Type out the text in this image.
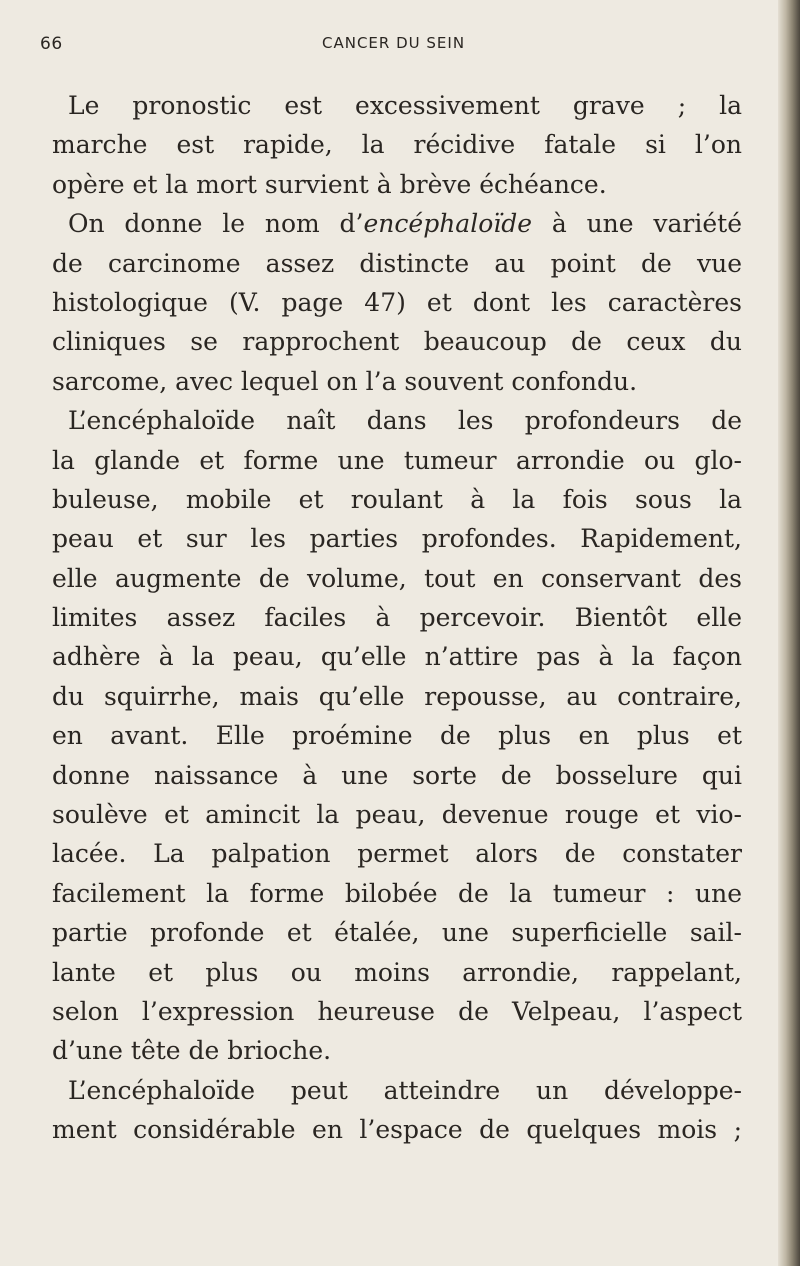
66	CANCER DU SEIN
Le pronostic est excessivement grave ; la
marche est rapide, la récidive fatale si l’on
opère et la mort survient à brève échéance.
On donne le nom d’encéphaloïde à une variété
de carcinome assez distincte au point de vue
histologique (V. page 47) et dont les caractères
cliniques se rapprochent beaucoup de ceux du
sarcome, avec lequel on l’a souvent confondu.
L’encéphaloïde naît dans les profondeurs de
la glande et forme une tumeur arrondie ou glo-
buleuse, mobile et roulant à la fois sous la
peau et sur les parties profondes. Rapidement,
elle augmente de volume, tout en conservant des
limites assez faciles à percevoir. Bientôt elle
adhère à la peau, qu’elle n’attire pas à la façon
du squirrhe, mais qu’elle repousse, au contraire,
en avant. Elle proémine de plus en plus et
donne naissance à une sorte de bosselure qui
soulève et amincit la peau, devenue rouge et vio-
lacée. La palpation permet alors de constater
facilement la forme bilobée de la tumeur : une
partie profonde et étalée, une superficielle sail-
lante et plus ou moins arrondie, rappelant,
selon l’expression heureuse de Velpeau, l’aspect
d’une tête de brioche.
L’encéphaloïde peut atteindre un développe-
ment considérable en l’espace de quelques mois ;
